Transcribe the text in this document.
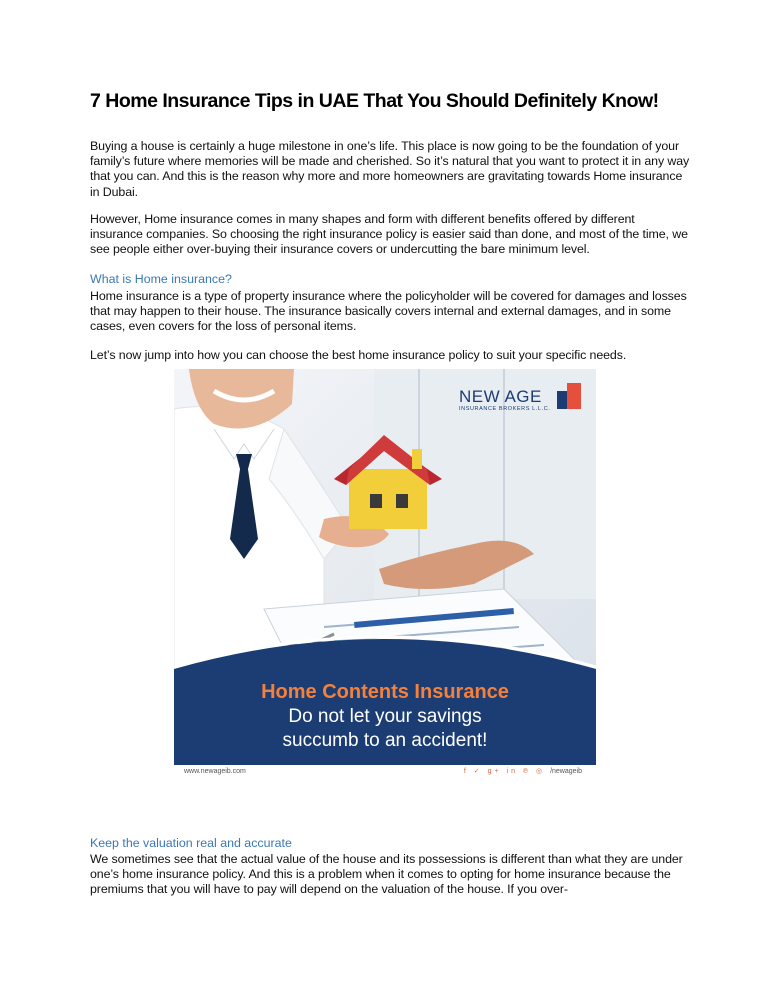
7 Home Insurance Tips in UAE That You Should Definitely Know!

Buying a house is certainly a huge milestone in one’s life. This place is now going to be the foundation of your family’s future where memories will be made and cherished. So it’s natural that you want to protect it in any way that you can. And this is the reason why more and more homeowners are gravitating towards Home insurance in Dubai.

However, Home insurance comes in many shapes and form with different benefits offered by different insurance companies. So choosing the right insurance policy is easier said than done, and most of the time, we see people either over-buying their insurance covers or undercutting the bare minimum level.

What is Home insurance?

Home insurance is a type of property insurance where the policyholder will be covered for damages and losses that may happen to their house. The insurance basically covers internal and external damages, and in some cases, even covers for the loss of personal items.

Let’s now jump into how you can choose the best home insurance policy to suit your specific needs.

Keep the valuation real and accurate

We sometimes see that the actual value of the house and its possessions is different than what they are under one’s home insurance policy. And this is a problem when it comes to opting for home insurance because the premiums that you will have to pay will depend on the valuation of the house. If you over-

NEW AGE
INSURANCE BROKERS L.L.C.
Home Contents Insurance
Do not let your savings
succumb to an accident!
www.newageib.com	f ✓ g+ in ℗ ◎ /newageib
